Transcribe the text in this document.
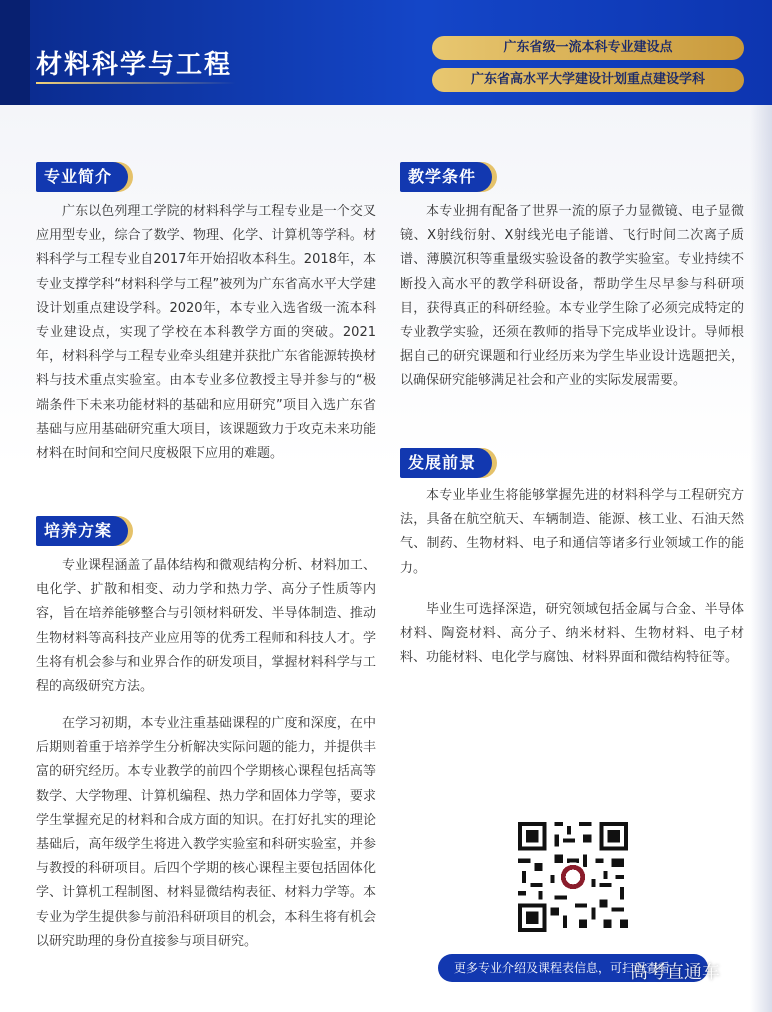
材料科学与工程
广东省级一流本科专业建设点
广东省高水平大学建设计划重点建设学科
专业简介

广东以色列理工学院的材料科学与工程专业是一个交叉应用型专业，综合了数学、物理、化学、计算机等学科。材料科学与工程专业自2017年开始招收本科生。2018年，本专业支撑学科“材料科学与工程”被列为广东省高水平大学建设计划重点建设学科。2020年，本专业入选省级一流本科专业建设点，实现了学校在本科教学方面的突破。2021年，材料科学与工程专业牵头组建并获批广东省能源转换材料与技术重点实验室。由本专业多位教授主导并参与的“极端条件下未来功能材料的基础和应用研究”项目入选广东省基础与应用基础研究重大项目，该课题致力于攻克未来功能材料在时间和空间尺度极限下应用的难题。

培养方案

专业课程涵盖了晶体结构和微观结构分析、材料加工、电化学、扩散和相变、动力学和热力学、高分子性质等内容，旨在培养能够整合与引领材料研发、半导体制造、推动生物材料等高科技产业应用等的优秀工程师和科技人才。学生将有机会参与和业界合作的研发项目，掌握材料科学与工程的高级研究方法。

在学习初期，本专业注重基础课程的广度和深度，在中后期则着重于培养学生分析解决实际问题的能力，并提供丰富的研究经历。本专业教学的前四个学期核心课程包括高等数学、大学物理、计算机编程、热力学和固体力学等，要求学生掌握充足的材料和合成方面的知识。在打好扎实的理论基础后，高年级学生将进入教学实验室和科研实验室，并参与教授的科研项目。后四个学期的核心课程主要包括固体化学、计算机工程制图、材料显微结构表征、材料力学等。本专业为学生提供参与前沿科研项目的机会，本科生将有机会以研究助理的身份直接参与项目研究。

教学条件

本专业拥有配备了世界一流的原子力显微镜、电子显微镜、X射线衍射、X射线光电子能谱、飞行时间二次离子质谱、薄膜沉积等重量级实验设备的教学实验室。专业持续不断投入高水平的教学科研设备，帮助学生尽早参与科研项目，获得真正的科研经验。本专业学生除了必须完成特定的专业教学实验，还须在教师的指导下完成毕业设计。导师根据自己的研究课题和行业经历来为学生毕业设计选题把关，以确保研究能够满足社会和产业的实际发展需要。

发展前景

本专业毕业生将能够掌握先进的材料科学与工程研究方法，具备在航空航天、车辆制造、能源、核工业、石油天然气、制药、生物材料、电子和通信等诸多行业领域工作的能力。

毕业生可选择深造，研究领域包括金属与合金、半导体材料、陶瓷材料、高分子、纳米材料、生物材料、电子材料、功能材料、电化学与腐蚀、材料界面和微结构特征等。

更多专业介绍及课程表信息，可扫码查看
高考直通车
